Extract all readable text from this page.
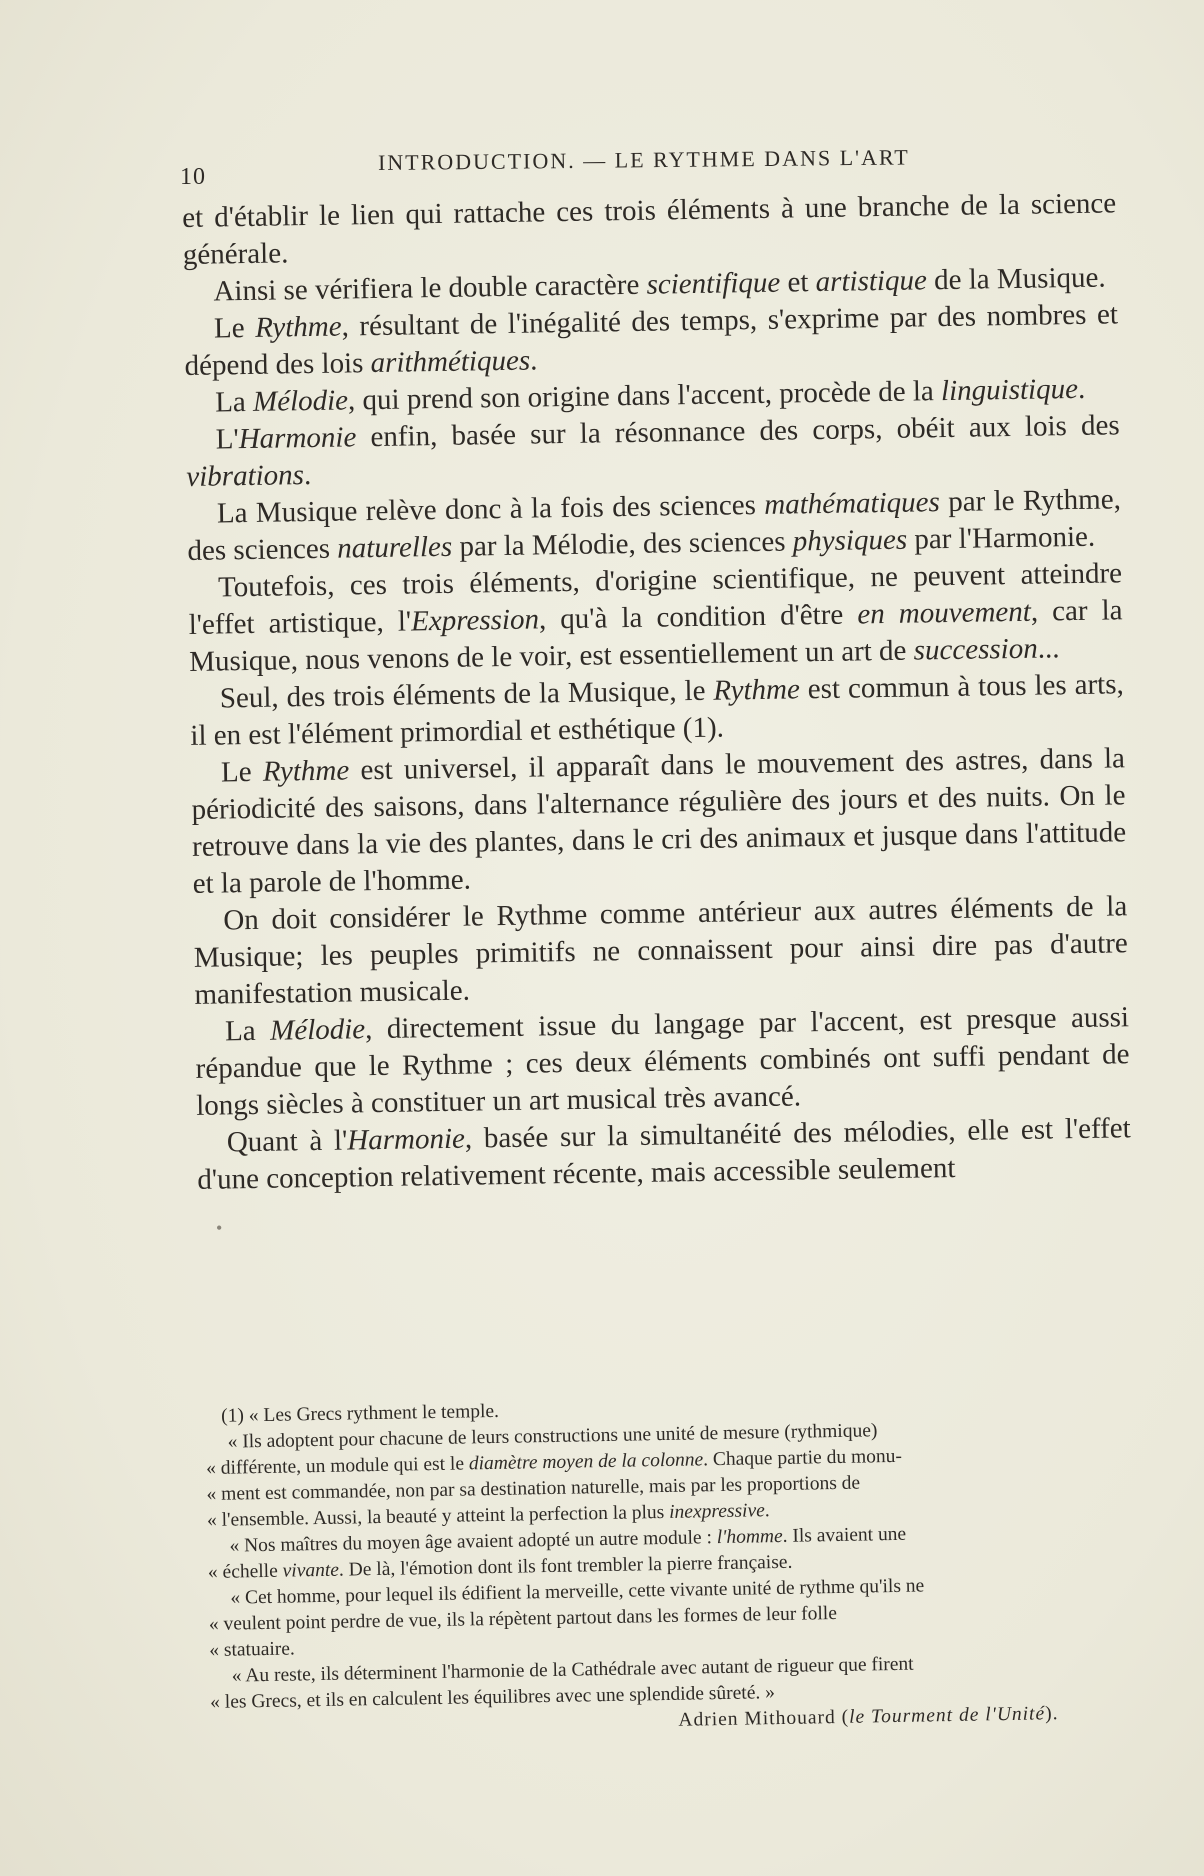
10
INTRODUCTION. — LE RYTHME DANS L'ART

et d'établir le lien qui rattache ces trois éléments à une branche de la science générale.

Ainsi se vérifiera le double caractère scientifique et artistique de la Musique.

Le Rythme, résultant de l'inégalité des temps, s'exprime par des nombres et dépend des lois arithmétiques.

La Mélodie, qui prend son origine dans l'accent, procède de la linguistique.

L'Harmonie enfin, basée sur la résonnance des corps, obéit aux lois des vibrations.

La Musique relève donc à la fois des sciences mathématiques par le Rythme, des sciences naturelles par la Mélodie, des sciences physiques par l'Harmonie.

Toutefois, ces trois éléments, d'origine scientifique, ne peuvent atteindre l'effet artistique, l'Expression, qu'à la condition d'être en mouvement, car la Musique, nous venons de le voir, est essentiellement un art de succession...

Seul, des trois éléments de la Musique, le Rythme est commun à tous les arts, il en est l'élément primordial et esthétique (1).

Le Rythme est universel, il apparaît dans le mouvement des astres, dans la périodicité des saisons, dans l'alternance régulière des jours et des nuits. On le retrouve dans la vie des plantes, dans le cri des animaux et jusque dans l'attitude et la parole de l'homme.

On doit considérer le Rythme comme antérieur aux autres éléments de la Musique; les peuples primitifs ne connaissent pour ainsi dire pas d'autre manifestation musicale.

La Mélodie, directement issue du langage par l'accent, est presque aussi répandue que le Rythme ; ces deux éléments combinés ont suffi pendant de longs siècles à constituer un art musical très avancé.

Quant à l'Harmonie, basée sur la simultanéité des mélodies, elle est l'effet d'une conception relativement récente, mais accessible seulement

•

(1) « Les Grecs rythment le temple.

« Ils adoptent pour chacune de leurs constructions une unité de mesure (rythmique)

« différente, un module qui est le diamètre moyen de la colonne. Chaque partie du monu-

« ment est commandée, non par sa destination naturelle, mais par les proportions de

« l'ensemble. Aussi, la beauté y atteint la perfection la plus inexpressive.

« Nos maîtres du moyen âge avaient adopté un autre module : l'homme. Ils avaient une

« échelle vivante. De là, l'émotion dont ils font trembler la pierre française.

« Cet homme, pour lequel ils édifient la merveille, cette vivante unité de rythme qu'ils ne

« veulent point perdre de vue, ils la répètent partout dans les formes de leur folle

« statuaire.

« Au reste, ils déterminent l'harmonie de la Cathédrale avec autant de rigueur que firent

« les Grecs, et ils en calculent les équilibres avec une splendide sûreté. »

Adrien Mithouard (le Tourment de l'Unité).
